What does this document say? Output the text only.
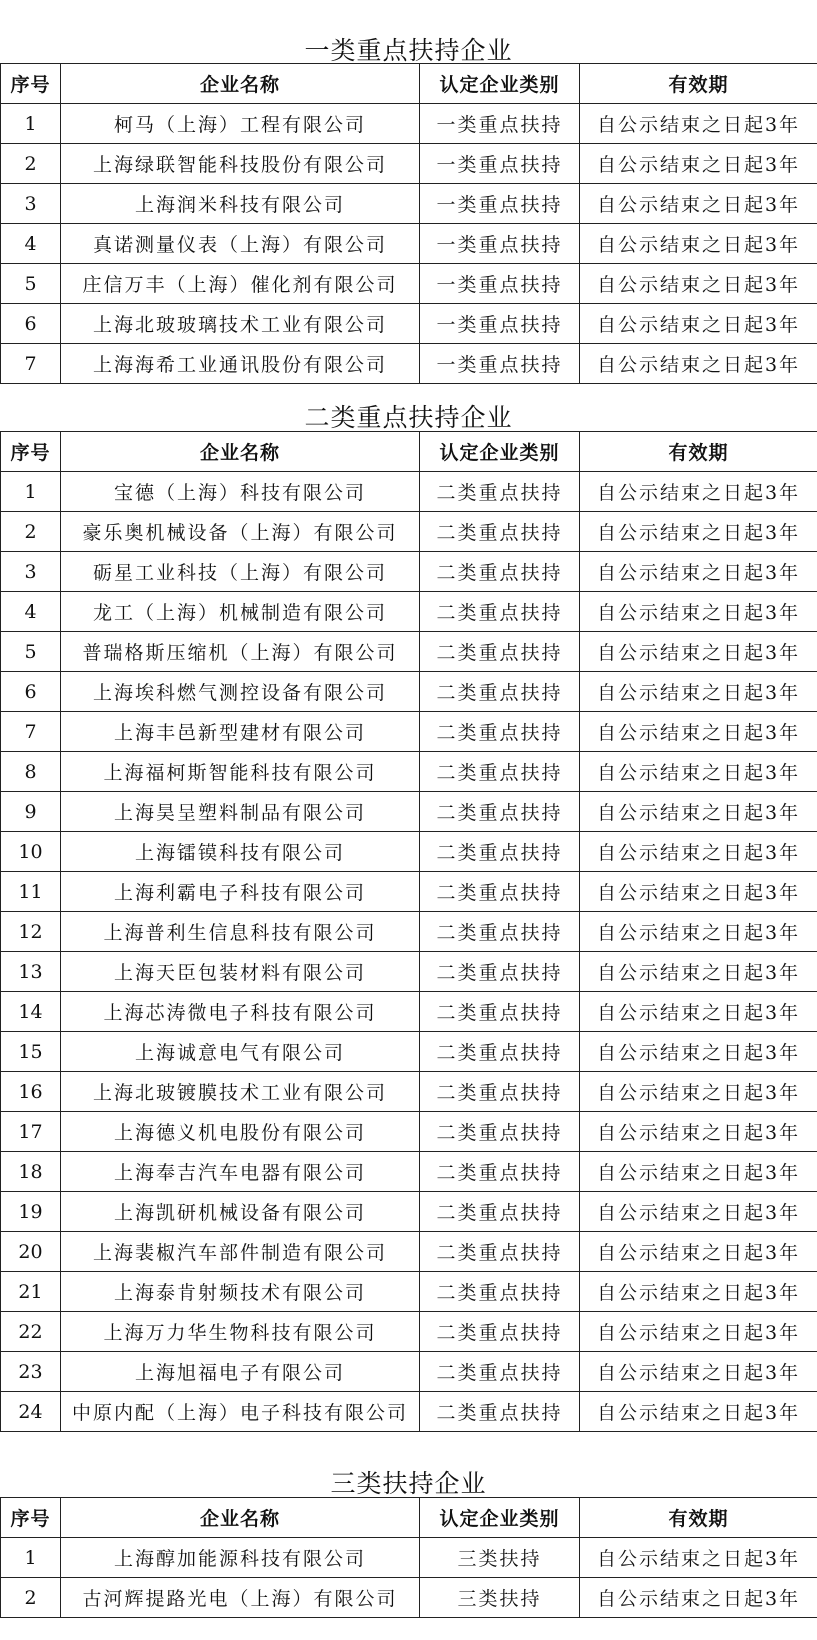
一类重点扶持企业
序号	企业名称	认定企业类别	有效期
1	柯马（上海）工程有限公司	一类重点扶持	自公示结束之日起3年
2	上海绿联智能科技股份有限公司	一类重点扶持	自公示结束之日起3年
3	上海润米科技有限公司	一类重点扶持	自公示结束之日起3年
4	真诺测量仪表（上海）有限公司	一类重点扶持	自公示结束之日起3年
5	庄信万丰（上海）催化剂有限公司	一类重点扶持	自公示结束之日起3年
6	上海北玻玻璃技术工业有限公司	一类重点扶持	自公示结束之日起3年
7	上海海希工业通讯股份有限公司	一类重点扶持	自公示结束之日起3年
二类重点扶持企业
序号	企业名称	认定企业类别	有效期
1	宝德（上海）科技有限公司	二类重点扶持	自公示结束之日起3年
2	豪乐奥机械设备（上海）有限公司	二类重点扶持	自公示结束之日起3年
3	砺星工业科技（上海）有限公司	二类重点扶持	自公示结束之日起3年
4	龙工（上海）机械制造有限公司	二类重点扶持	自公示结束之日起3年
5	普瑞格斯压缩机（上海）有限公司	二类重点扶持	自公示结束之日起3年
6	上海埃科燃气测控设备有限公司	二类重点扶持	自公示结束之日起3年
7	上海丰邑新型建材有限公司	二类重点扶持	自公示结束之日起3年
8	上海福柯斯智能科技有限公司	二类重点扶持	自公示结束之日起3年
9	上海昊呈塑料制品有限公司	二类重点扶持	自公示结束之日起3年
10	上海镭镆科技有限公司	二类重点扶持	自公示结束之日起3年
11	上海利霸电子科技有限公司	二类重点扶持	自公示结束之日起3年
12	上海普利生信息科技有限公司	二类重点扶持	自公示结束之日起3年
13	上海天臣包装材料有限公司	二类重点扶持	自公示结束之日起3年
14	上海芯涛微电子科技有限公司	二类重点扶持	自公示结束之日起3年
15	上海诚意电气有限公司	二类重点扶持	自公示结束之日起3年
16	上海北玻镀膜技术工业有限公司	二类重点扶持	自公示结束之日起3年
17	上海德义机电股份有限公司	二类重点扶持	自公示结束之日起3年
18	上海奉吉汽车电器有限公司	二类重点扶持	自公示结束之日起3年
19	上海凯研机械设备有限公司	二类重点扶持	自公示结束之日起3年
20	上海裴椒汽车部件制造有限公司	二类重点扶持	自公示结束之日起3年
21	上海泰肯射频技术有限公司	二类重点扶持	自公示结束之日起3年
22	上海万力华生物科技有限公司	二类重点扶持	自公示结束之日起3年
23	上海旭福电子有限公司	二类重点扶持	自公示结束之日起3年
24	中原内配（上海）电子科技有限公司	二类重点扶持	自公示结束之日起3年
三类扶持企业
序号	企业名称	认定企业类别	有效期
1	上海醇加能源科技有限公司	三类扶持	自公示结束之日起3年
2	古河辉提路光电（上海）有限公司	三类扶持	自公示结束之日起3年
